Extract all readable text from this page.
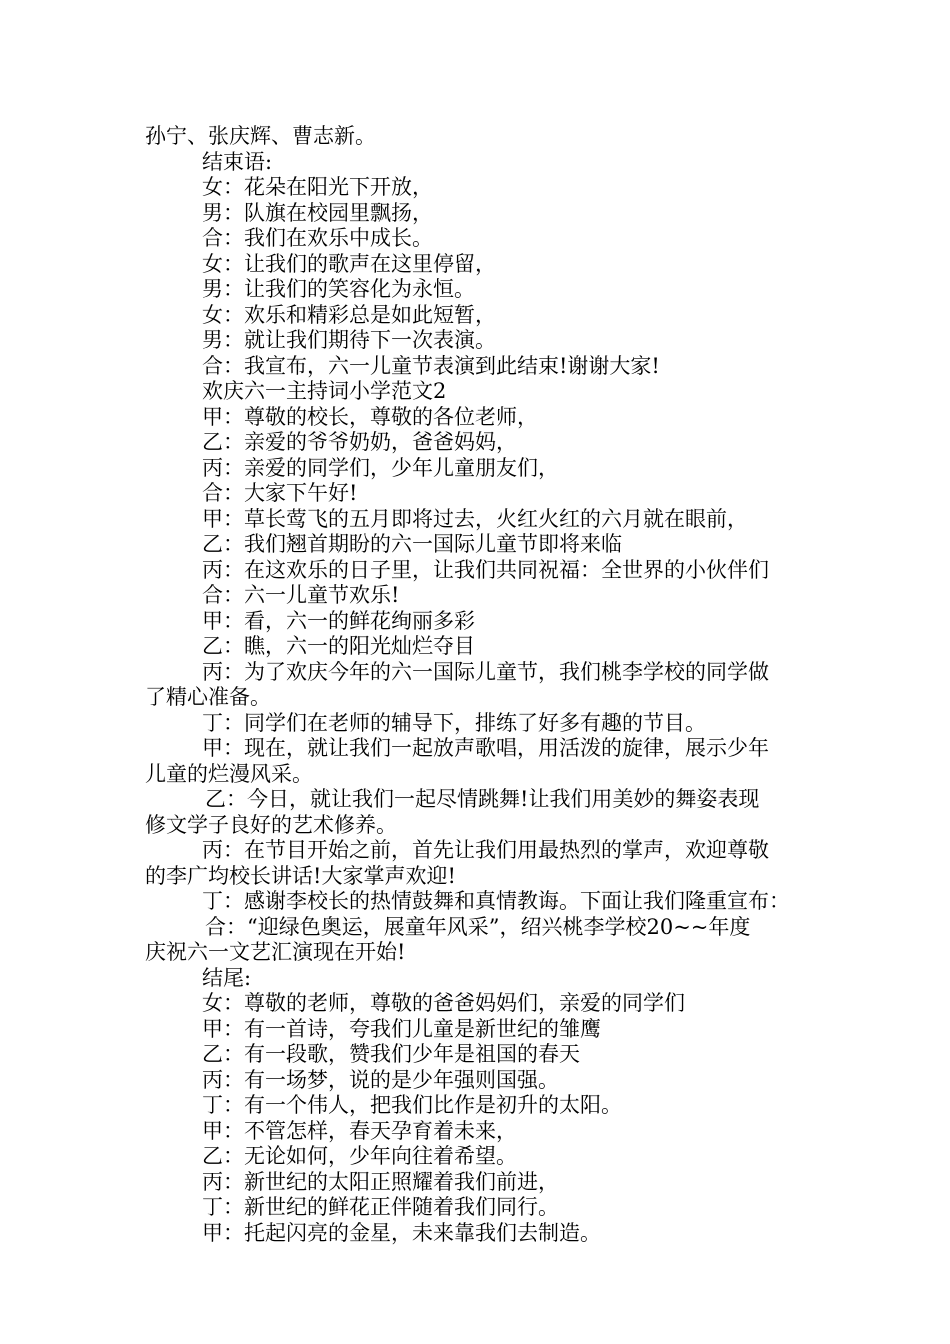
孙宁、张庆辉、曹志新。
结束语:
女：花朵在阳光下开放，
男：队旗在校园里飘扬，
合：我们在欢乐中成长。
女：让我们的歌声在这里停留，
男：让我们的笑容化为永恒。
女：欢乐和精彩总是如此短暂，
男：就让我们期待下一次表演。
合：我宣布，六一儿童节表演到此结束!谢谢大家!
欢庆六一主持词小学范文2
甲：尊敬的校长，尊敬的各位老师，
乙：亲爱的爷爷奶奶，爸爸妈妈，
丙：亲爱的同学们，少年儿童朋友们，
合：大家下午好!
甲：草长莺飞的五月即将过去，火红火红的六月就在眼前，
乙：我们翘首期盼的六一国际儿童节即将来临
丙：在这欢乐的日子里，让我们共同祝福：全世界的小伙伴们
合：六一儿童节欢乐!
甲：看，六一的鲜花绚丽多彩
乙：瞧，六一的阳光灿烂夺目
丙：为了欢庆今年的六一国际儿童节，我们桃李学校的同学做
了精心准备。
丁：同学们在老师的辅导下，排练了好多有趣的节目。
甲：现在，就让我们一起放声歌唱，用活泼的旋律，展示少年
儿童的烂漫风采。
乙：今日，就让我们一起尽情跳舞!让我们用美妙的舞姿表现
修文学子良好的艺术修养。
丙：在节目开始之前，首先让我们用最热烈的掌声，欢迎尊敬
的李广均校长讲话!大家掌声欢迎!
丁：感谢李校长的热情鼓舞和真情教诲。下面让我们隆重宣布：
合：“迎绿色奥运，展童年风采”，绍兴桃李学校20~~年度
庆祝六一文艺汇演现在开始!
结尾:
女：尊敬的老师，尊敬的爸爸妈妈们，亲爱的同学们
甲：有一首诗，夸我们儿童是新世纪的雏鹰
乙：有一段歌，赞我们少年是祖国的春天
丙：有一场梦，说的是少年强则国强。
丁：有一个伟人，把我们比作是初升的太阳。
甲：不管怎样，春天孕育着未来，
乙：无论如何，少年向往着希望。
丙：新世纪的太阳正照耀着我们前进，
丁：新世纪的鲜花正伴随着我们同行。
甲：托起闪亮的金星，未来靠我们去制造。
